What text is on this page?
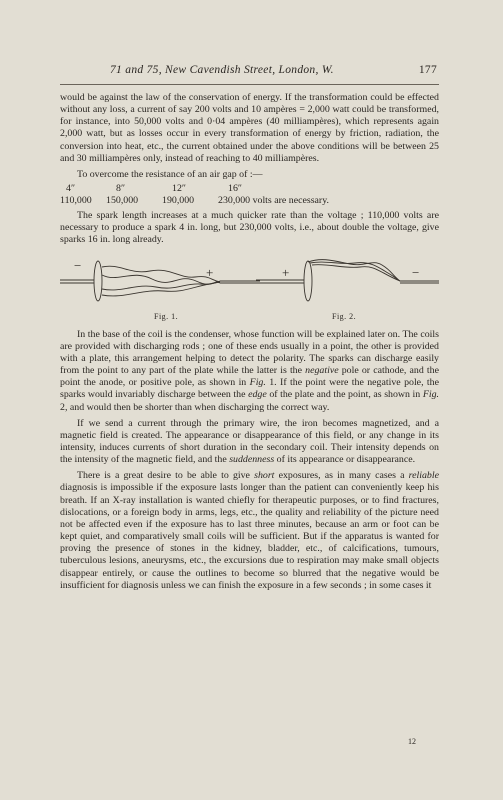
71 and 75, New Cavendish Street, London, W.	177

would be against the law of the conservation of energy. If the transformation could be effected without any loss, a current of say 200 volts and 10 ampères = 2,000 watt could be transformed, for instance, into 50,000 volts and 0·04 ampères (40 milliampères), which represents again 2,000 watt, but as losses occur in every transformation of energy by friction, radiation, the conversion into heat, etc., the current obtained under the above conditions will be between 25 and 30 milliampères only, instead of reaching to 40 milliampères.

To overcome the resistance of an air gap of :—

4″	8″	12″	16″
110,000	150,000	190,000	230,000 volts are necessary.

The spark length increases at a much quicker rate than the voltage ; 110,000 volts are necessary to produce a spark 4 in. long, but 230,000 volts, i.e., about double the voltage, give sparks 16 in. long already.

−	+	+	−
Fig. 1.	Fig. 2.

In the base of the coil is the condenser, whose function will be explained later on. The coils are provided with discharging rods ; one of these ends usually in a point, the other is provided with a plate, this arrangement helping to detect the polarity. The sparks can discharge easily from the point to any part of the plate while the latter is the negative pole or cathode, and the point the anode, or positive pole, as shown in Fig. 1. If the point were the negative pole, the sparks would invariably discharge between the edge of the plate and the point, as shown in Fig. 2, and would then be shorter than when discharging the correct way.

If we send a current through the primary wire, the iron becomes magnetized, and a magnetic field is created. The appearance or disappearance of this field, or any change in its intensity, induces currents of short duration in the secondary coil. Their intensity depends on the intensity of the magnetic field, and the suddenness of its appearance or disappearance.

There is a great desire to be able to give short exposures, as in many cases a reliable diagnosis is impossible if the exposure lasts longer than the patient can conveniently keep his breath. If an X-ray installation is wanted chiefly for therapeutic purposes, or to find fractures, dislocations, or a foreign body in arms, legs, etc., the quality and reliability of the picture need not be affected even if the exposure has to last three minutes, because an arm or foot can be kept quiet, and comparatively small coils will be sufficient. But if the apparatus is wanted for proving the presence of stones in the kidney, bladder, etc., of calcifications, tumours, tuberculous lesions, aneurysms, etc., the excursions due to respiration may make small objects disappear entirely, or cause the outlines to become so blurred that the negative would be insufficient for diagnosis unless we can finish the exposure in a few seconds ; in some cases it

12
